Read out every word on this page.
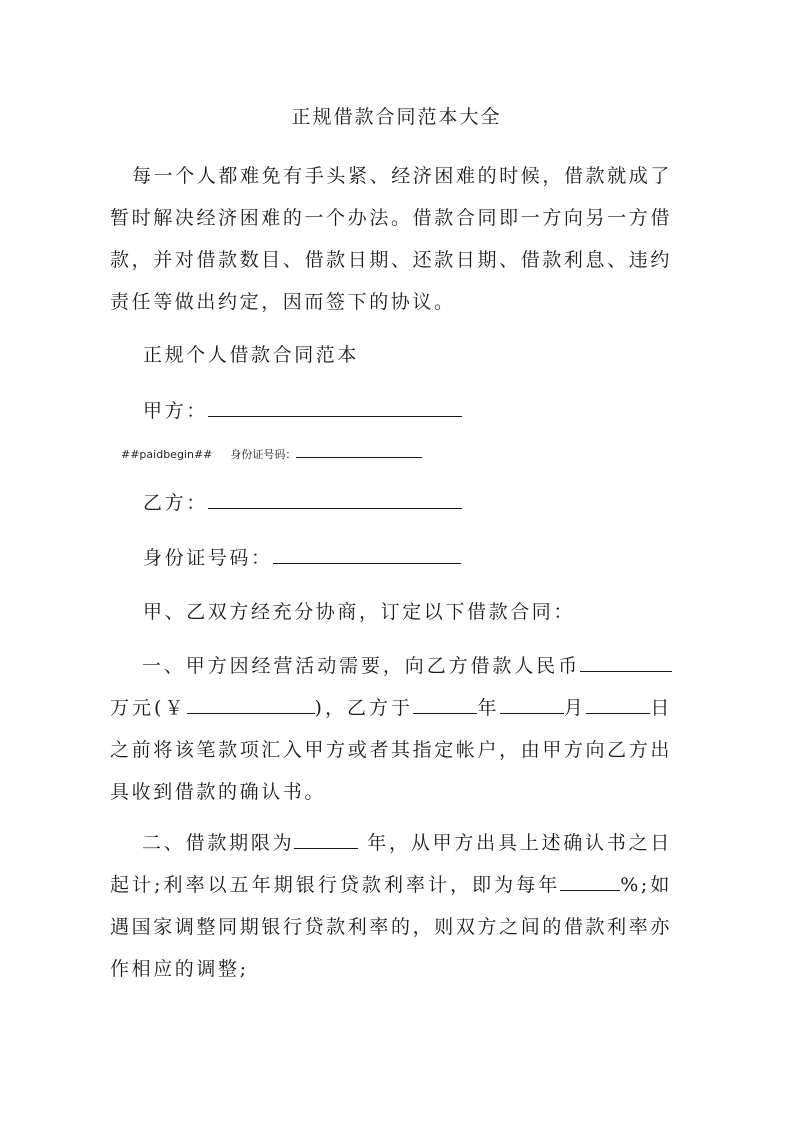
正规借款合同范本大全

每一个人都难免有手头紧、经济困难的时候，借款就成了暂时解决经济困难的一个办法。借款合同即一方向另一方借款，并对借款数目、借款日期、还款日期、借款利息、违约责任等做出约定，因而签下的协议。

正规个人借款合同范本

甲方：

##paidbegin## 身份证号码：

乙方：

身份证号码：

甲、乙双方经充分协商，订定以下借款合同：

一、甲方因经营活动需要，向乙方借款人民币万元(￥	)，乙方于	年	月	日之前将该笔款项汇入甲方或者其指定帐户，由甲方向乙方出具收到借款的确认书。

二、借款期限为	年，从甲方出具上述确认书之日起计;利率以五年期银行贷款利率计，即为每年	%;如遇国家调整同期银行贷款利率的，则双方之间的借款利率亦作相应的调整;
